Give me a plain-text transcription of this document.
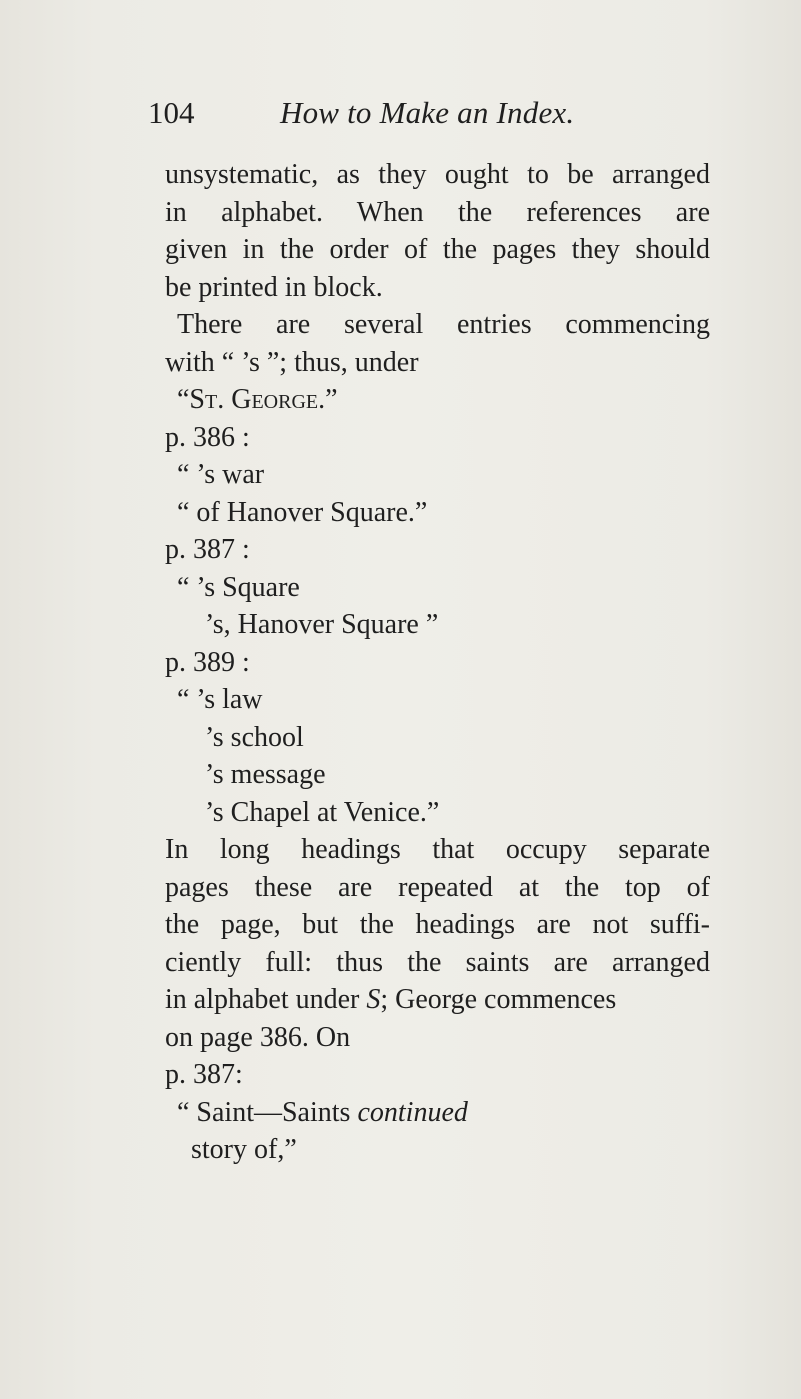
104	How to Make an Index.
unsystematic, as they ought to be arranged
in alphabet. When the references are
given in the order of the pages they should
be printed in block.
There are several entries commencing
with “ ’s ”; thus, under
“St. George.”
p. 386 :
“ ’s war
“ of Hanover Square.”
p. 387 :
“ ’s Square
’s, Hanover Square ”
p. 389 :
“ ’s law
’s school
’s message
’s Chapel at Venice.”
In long headings that occupy separate
pages these are repeated at the top of
the page, but the headings are not suffi-
ciently full: thus the saints are arranged
in alphabet under S; George commences
on page 386. On
p. 387:
“ Saint—Saints continued
story of,”
